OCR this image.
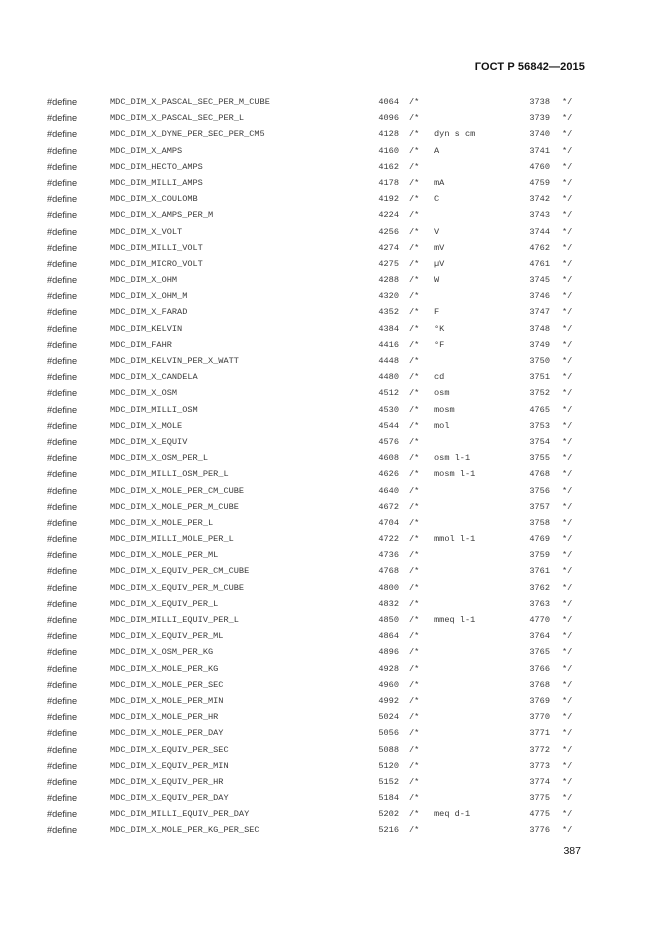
ГОСТ Р 56842—2015
#define	MDC_DIM_X_PASCAL_SEC_PER_M_CUBE	4064 /*	3738 */
#define	MDC_DIM_X_PASCAL_SEC_PER_L	4096 /*	3739 */
#define	MDC_DIM_X_DYNE_PER_SEC_PER_CM5	4128 /* dyn s cm	3740 */
#define	MDC_DIM_X_AMPS	4160 /* A	3741 */
#define	MDC_DIM_HECTO_AMPS	4162 /*	4760 */
#define	MDC_DIM_MILLI_AMPS	4178 /* mA	4759 */
#define	MDC_DIM_X_COULOMB	4192 /* C	3742 */
#define	MDC_DIM_X_AMPS_PER_M	4224 /*	3743 */
#define	MDC_DIM_X_VOLT	4256 /* V	3744 */
#define	MDC_DIM_MILLI_VOLT	4274 /* mV	4762 */
#define	MDC_DIM_MICRO_VOLT	4275 /* µV	4761 */
#define	MDC_DIM_X_OHM	4288 /* W	3745 */
#define	MDC_DIM_X_OHM_M	4320 /*	3746 */
#define	MDC_DIM_X_FARAD	4352 /* F	3747 */
#define	MDC_DIM_KELVIN	4384 /* °K	3748 */
#define	MDC_DIM_FAHR	4416 /* °F	3749 */
#define	MDC_DIM_KELVIN_PER_X_WATT	4448 /*	3750 */
#define	MDC_DIM_X_CANDELA	4480 /* cd	3751 */
#define	MDC_DIM_X_OSM	4512 /* osm	3752 */
#define	MDC_DIM_MILLI_OSM	4530 /* mosm	4765 */
#define	MDC_DIM_X_MOLE	4544 /* mol	3753 */
#define	MDC_DIM_X_EQUIV	4576 /*	3754 */
#define	MDC_DIM_X_OSM_PER_L	4608 /* osm l-1	3755 */
#define	MDC_DIM_MILLI_OSM_PER_L	4626 /* mosm l-1	4768 */
#define	MDC_DIM_X_MOLE_PER_CM_CUBE	4640 /*	3756 */
#define	MDC_DIM_X_MOLE_PER_M_CUBE	4672 /*	3757 */
#define	MDC_DIM_X_MOLE_PER_L	4704 /*	3758 */
#define	MDC_DIM_MILLI_MOLE_PER_L	4722 /* mmol l-1	4769 */
#define	MDC_DIM_X_MOLE_PER_ML	4736 /*	3759 */
#define	MDC_DIM_X_EQUIV_PER_CM_CUBE	4768 /*	3761 */
#define	MDC_DIM_X_EQUIV_PER_M_CUBE	4800 /*	3762 */
#define	MDC_DIM_X_EQUIV_PER_L	4832 /*	3763 */
#define	MDC_DIM_MILLI_EQUIV_PER_L	4850 /* mmeq l-1	4770 */
#define	MDC_DIM_X_EQUIV_PER_ML	4864 /*	3764 */
#define	MDC_DIM_X_OSM_PER_KG	4896 /*	3765 */
#define	MDC_DIM_X_MOLE_PER_KG	4928 /*	3766 */
#define	MDC_DIM_X_MOLE_PER_SEC	4960 /*	3768 */
#define	MDC_DIM_X_MOLE_PER_MIN	4992 /*	3769 */
#define	MDC_DIM_X_MOLE_PER_HR	5024 /*	3770 */
#define	MDC_DIM_X_MOLE_PER_DAY	5056 /*	3771 */
#define	MDC_DIM_X_EQUIV_PER_SEC	5088 /*	3772 */
#define	MDC_DIM_X_EQUIV_PER_MIN	5120 /*	3773 */
#define	MDC_DIM_X_EQUIV_PER_HR	5152 /*	3774 */
#define	MDC_DIM_X_EQUIV_PER_DAY	5184 /*	3775 */
#define	MDC_DIM_MILLI_EQUIV_PER_DAY	5202 /* meq d-1	4775 */
#define	MDC_DIM_X_MOLE_PER_KG_PER_SEC	5216 /*	3776 */
387
